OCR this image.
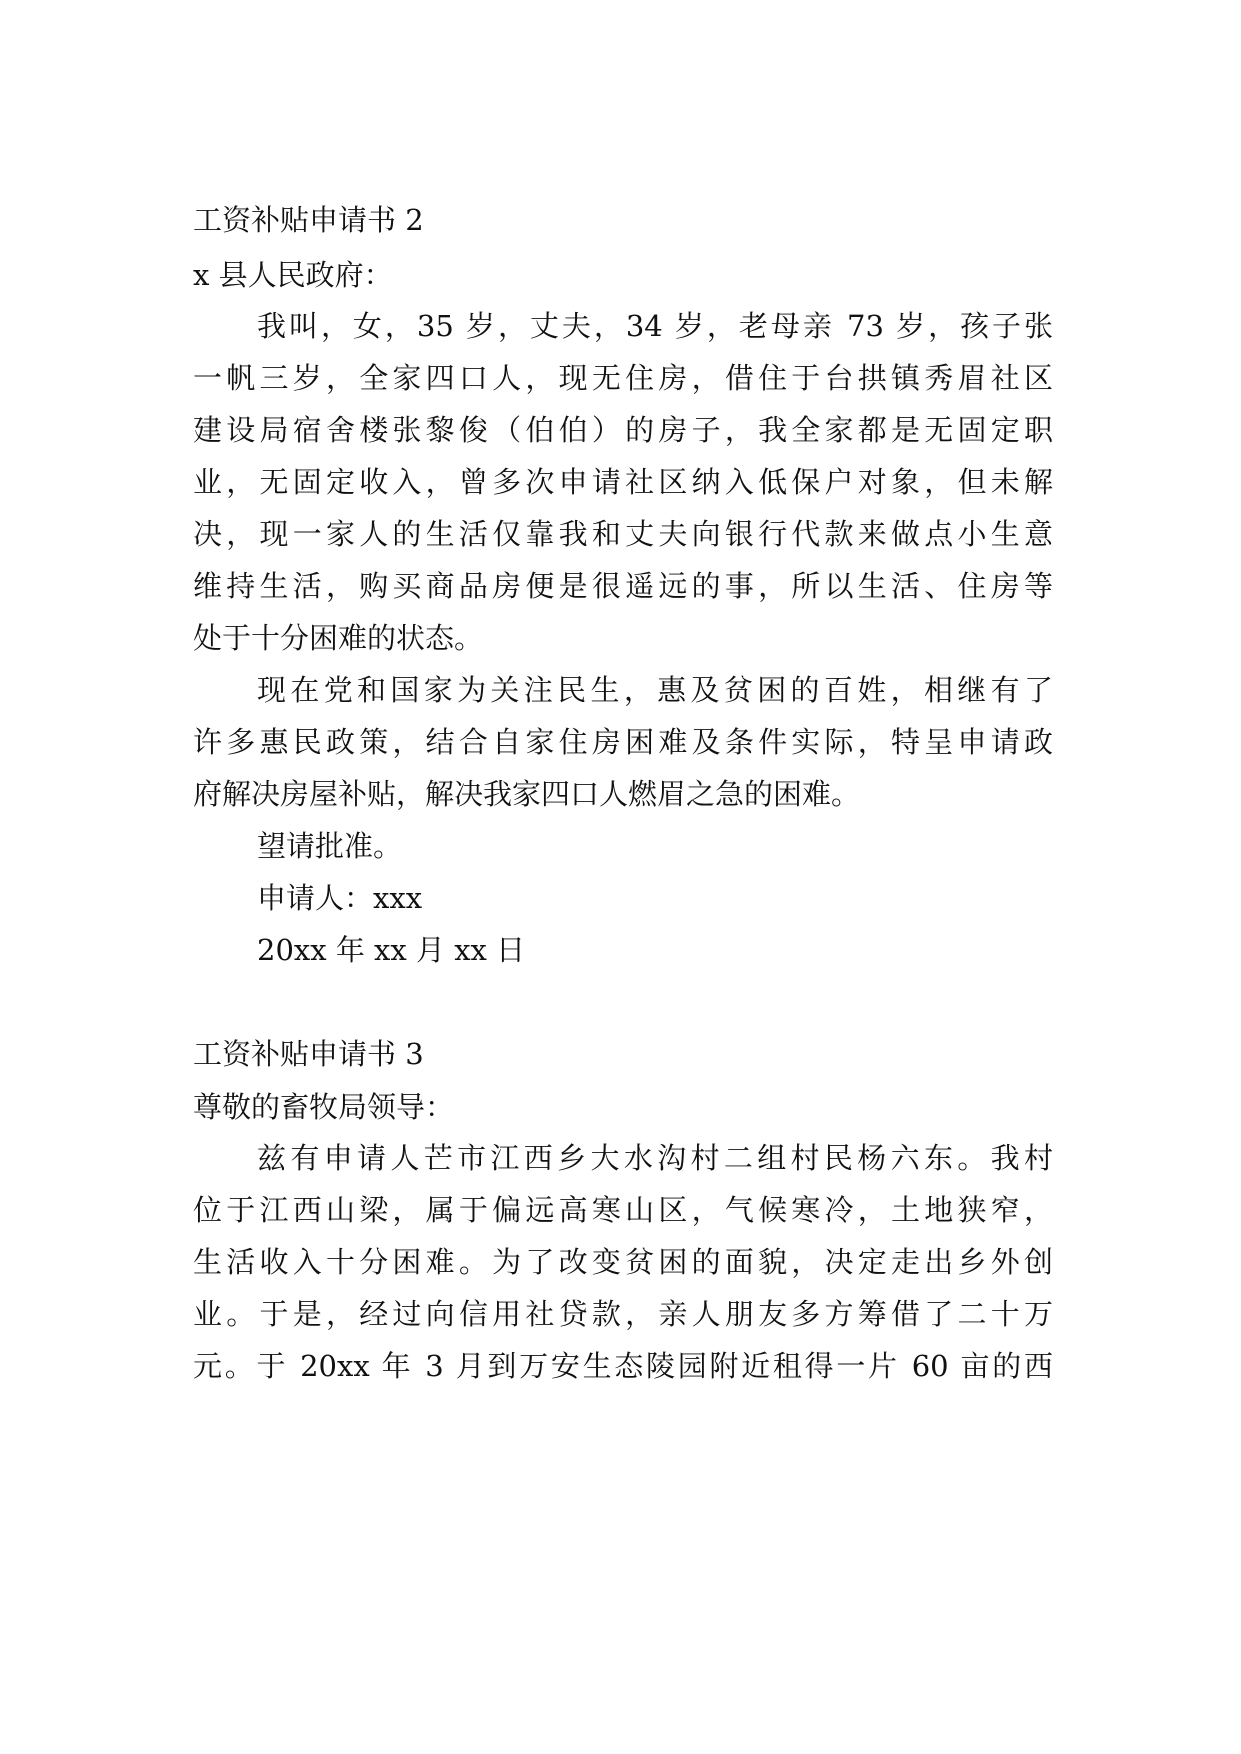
工资补贴申请书 2
x 县人民政府：
我叫，女，35 岁，丈夫，34 岁，老母亲 73 岁，孩子张
一帆三岁，全家四口人，现无住房，借住于台拱镇秀眉社区
建设局宿舍楼张黎俊（伯伯）的房子，我全家都是无固定职
业，无固定收入，曾多次申请社区纳入低保户对象，但未解
决，现一家人的生活仅靠我和丈夫向银行代款来做点小生意
维持生活，购买商品房便是很遥远的事，所以生活、住房等
处于十分困难的状态。
现在党和国家为关注民生，惠及贫困的百姓，相继有了
许多惠民政策，结合自家住房困难及条件实际，特呈申请政
府解决房屋补贴，解决我家四口人燃眉之急的困难。
望请批准。
申请人：xxx
20xx 年 xx 月 xx 日
工资补贴申请书 3
尊敬的畜牧局领导：
兹有申请人芒市江西乡大水沟村二组村民杨六东。我村
位于江西山梁，属于偏远高寒山区，气候寒冷，土地狭窄，
生活收入十分困难。为了改变贫困的面貌，决定走出乡外创
业。于是，经过向信用社贷款，亲人朋友多方筹借了二十万
元。于 20xx 年 3 月到万安生态陵园附近租得一片 60 亩的西
